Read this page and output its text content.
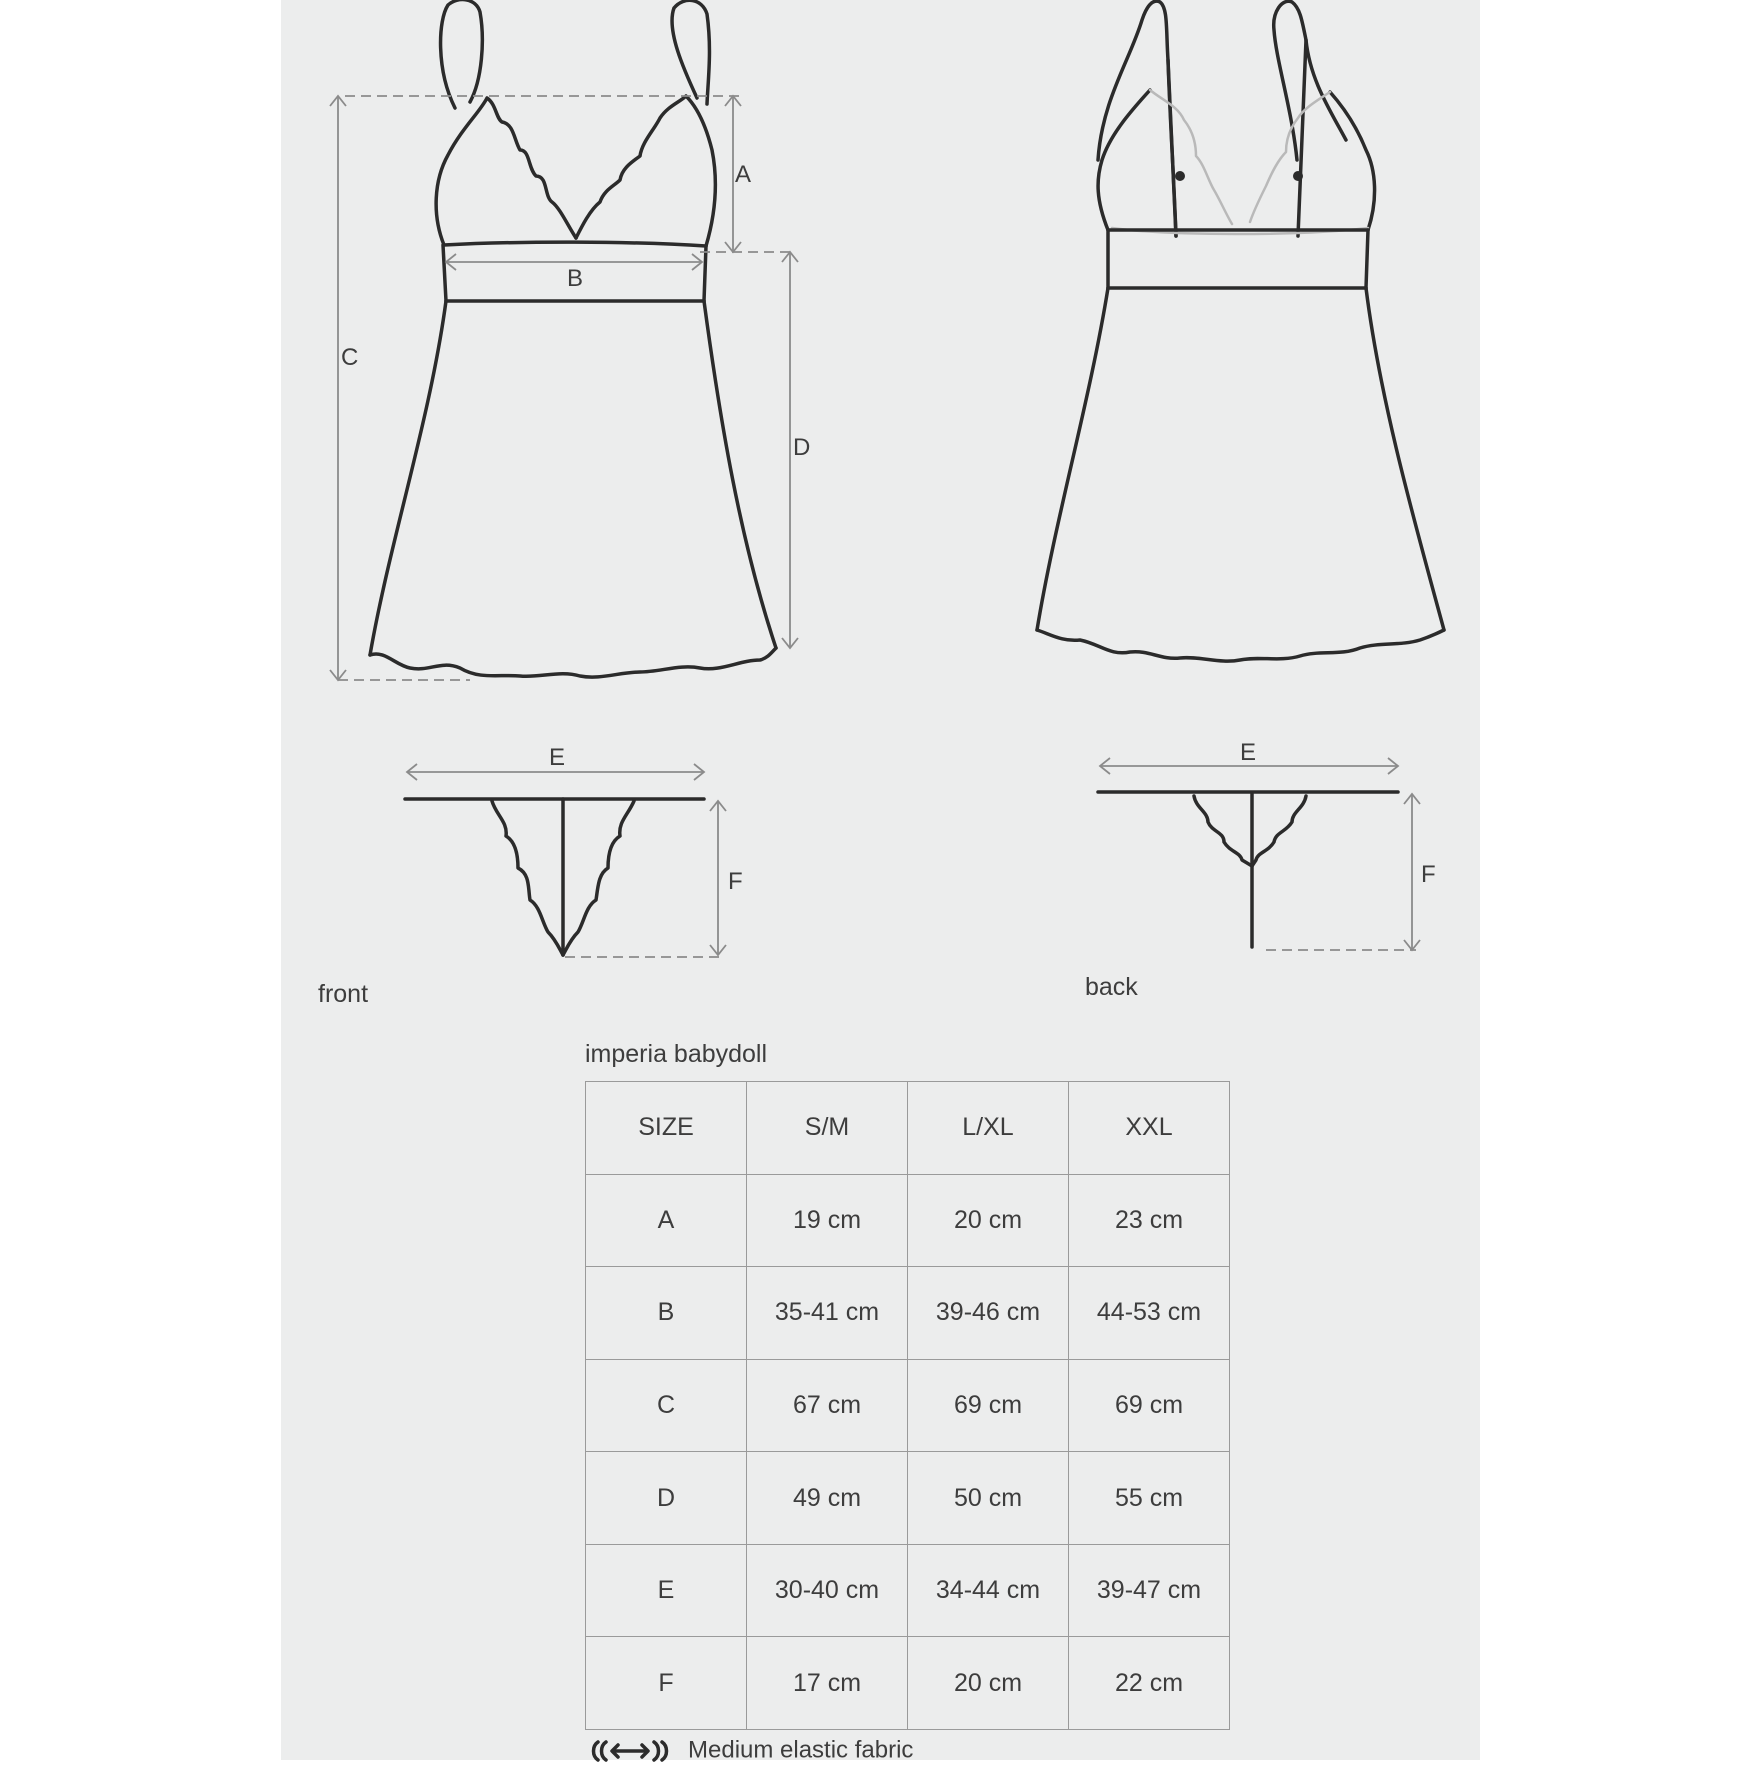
A
B
C
D
E
F
E
F
front	back
imperia babydoll
SIZE	S/M	L/XL	XXL
A	19 cm	20 cm	23 cm
B	35-41 cm	39-46 cm	44-53 cm
C	67 cm	69 cm	69 cm
D	49 cm	50 cm	55 cm
E	30-40 cm	34-44 cm	39-47 cm
F	17 cm	20 cm	22 cm
Medium elastic fabric
